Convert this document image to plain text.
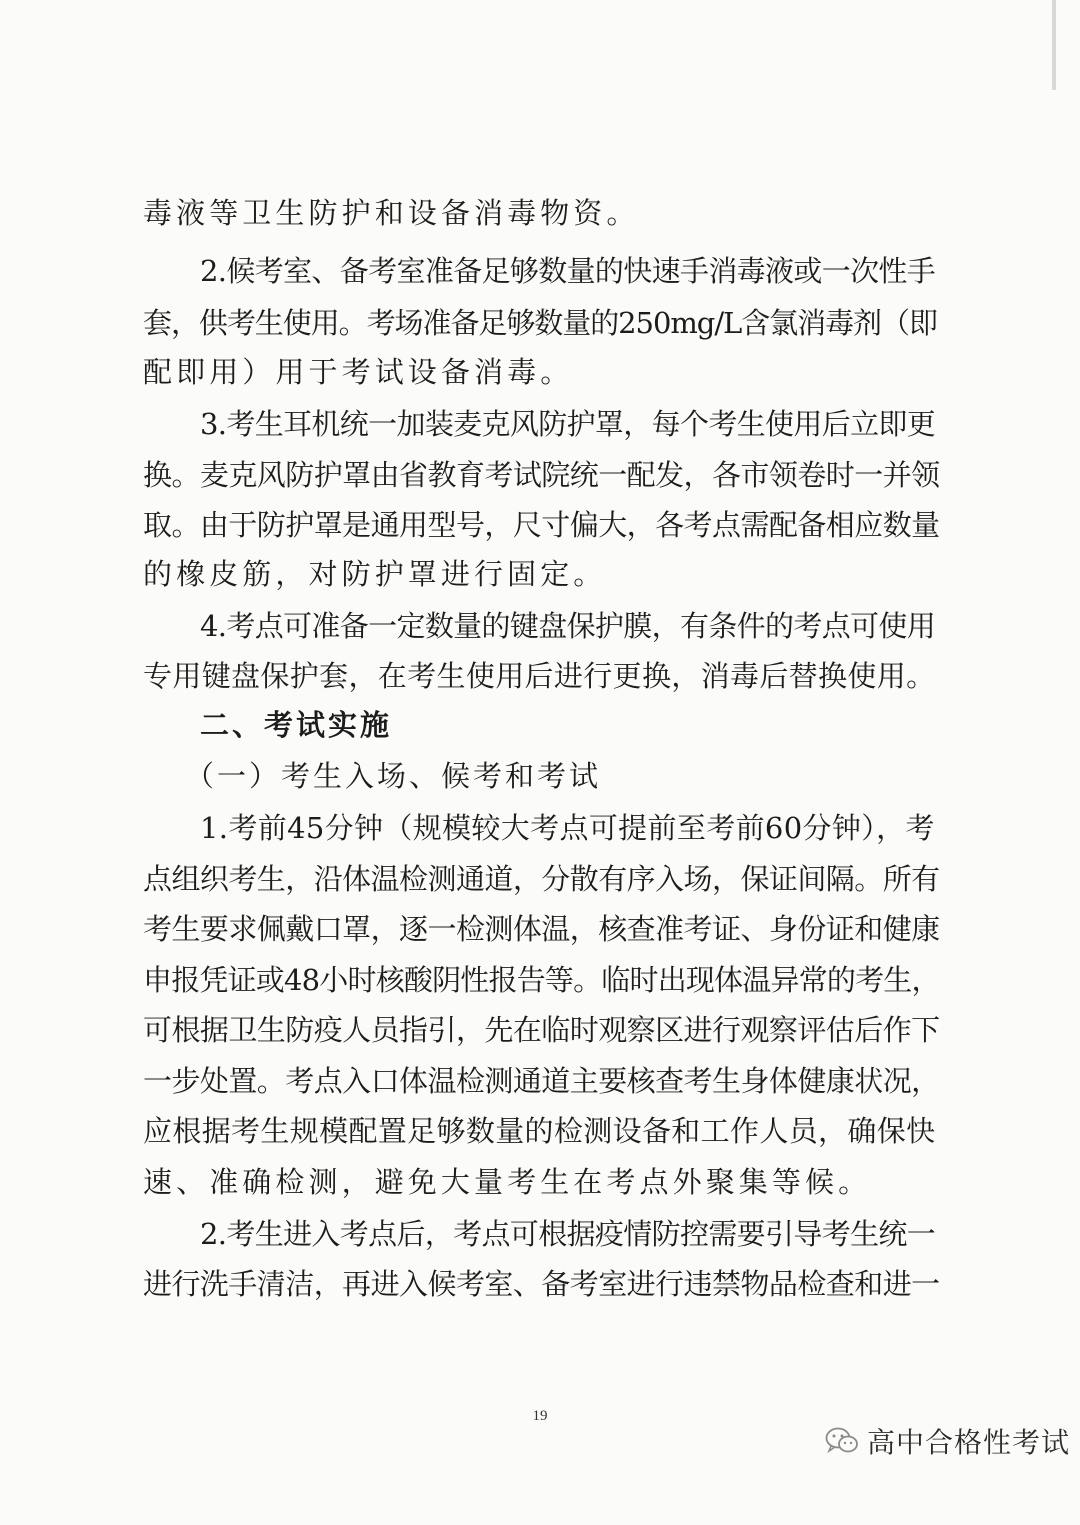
毒液等卫生防护和设备消毒物资。
2.候考室、备考室准备足够数量的快速手消毒液或一次性手
套，供考生使用。考场准备足够数量的250mg/L含氯消毒剂（即
配即用）用于考试设备消毒。
3.考生耳机统一加装麦克风防护罩，每个考生使用后立即更
换。麦克风防护罩由省教育考试院统一配发，各市领卷时一并领
取。由于防护罩是通用型号，尺寸偏大，各考点需配备相应数量
的橡皮筋，对防护罩进行固定。
4.考点可准备一定数量的键盘保护膜，有条件的考点可使用
专用键盘保护套，在考生使用后进行更换，消毒后替换使用。
二、考试实施
（一）考生入场、候考和考试
1.考前45分钟（规模较大考点可提前至考前60分钟），考
点组织考生，沿体温检测通道，分散有序入场，保证间隔。所有
考生要求佩戴口罩，逐一检测体温，核查准考证、身份证和健康
申报凭证或48小时核酸阴性报告等。临时出现体温异常的考生，
可根据卫生防疫人员指引，先在临时观察区进行观察评估后作下
一步处置。考点入口体温检测通道主要核查考生身体健康状况，
应根据考生规模配置足够数量的检测设备和工作人员，确保快
速、准确检测，避免大量考生在考点外聚集等候。
2.考生进入考点后，考点可根据疫情防控需要引导考生统一
进行洗手清洁，再进入候考室、备考室进行违禁物品检查和进一
19
高中合格性考试
